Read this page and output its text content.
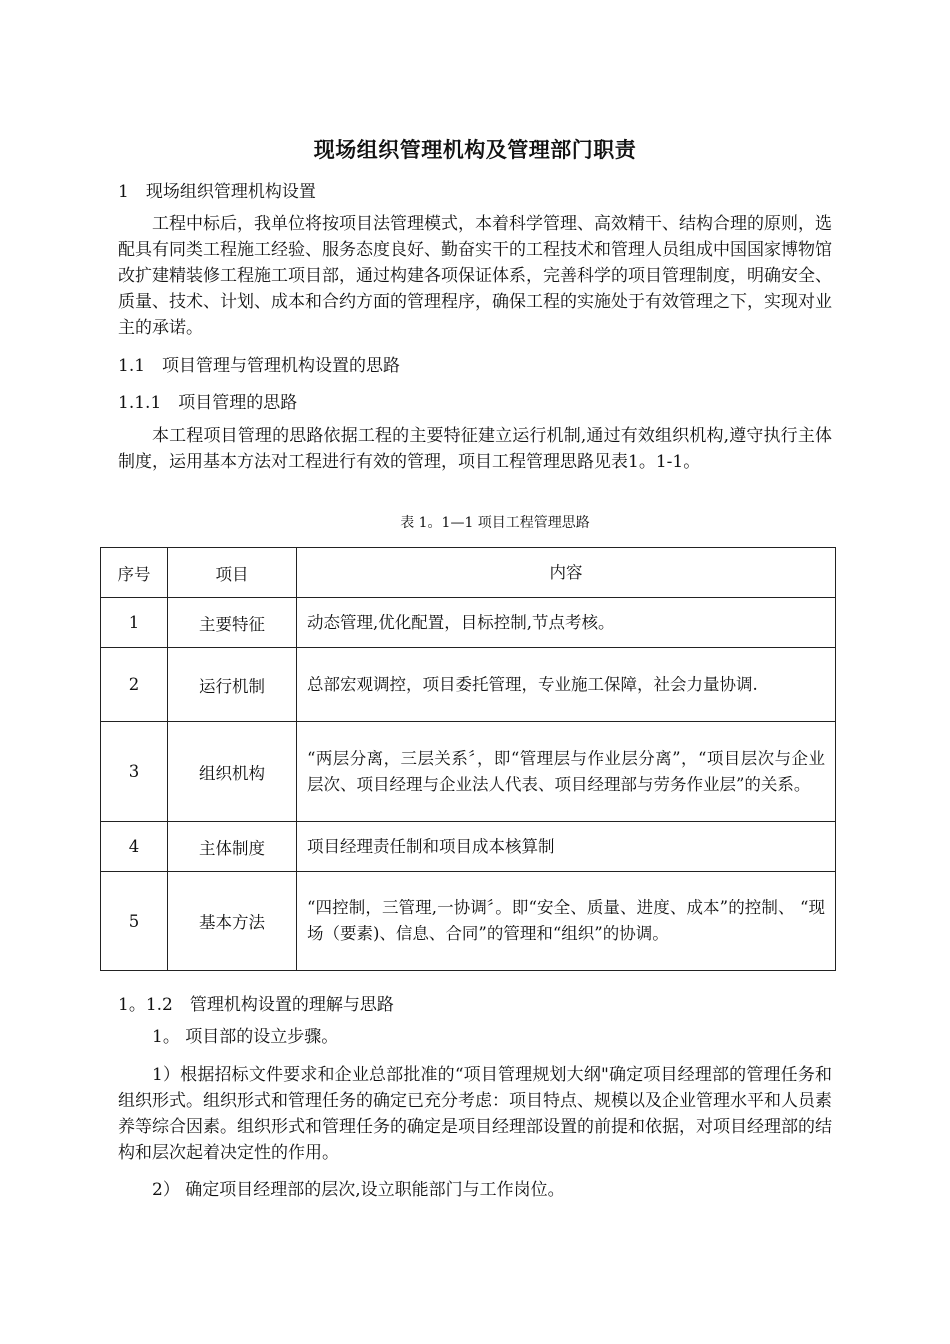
现场组织管理机构及管理部门职责
1　现场组织管理机构设置

工程中标后，我单位将按项目法管理模式，本着科学管理、高效精干、结构合理的原则，选配具有同类工程施工经验、服务态度良好、勤奋实干的工程技术和管理人员组成中国国家博物馆改扩建精装修工程施工项目部，通过构建各项保证体系，完善科学的项目管理制度，明确安全、质量、技术、计划、成本和合约方面的管理程序，确保工程的实施处于有效管理之下，实现对业主的承诺。

1.1　项目管理与管理机构设置的思路
1.1.1　项目管理的思路

本工程项目管理的思路依据工程的主要特征建立运行机制,通过有效组织机构,遵守执行主体制度，运用基本方法对工程进行有效的管理，项目工程管理思路见表1。1-1。

表 1。1—1 项目工程管理思路
序号	项目	内容
1	主要特征	动态管理,优化配置，目标控制,节点考核。
2	运行机制	总部宏观调控，项目委托管理，专业施工保障，社会力量协调.
3	组织机构	“两层分离，三层关系〞，即“管理层与作业层分离”，“项目层次与企业层次、项目经理与企业法人代表、项目经理部与劳务作业层”的关系。
4	主体制度	项目经理责任制和项目成本核算制
5	基本方法	“四控制，三管理,一协调〞。即“安全、质量、进度、成本”的控制、 “现场（要素)、信息、合同”的管理和“组织”的协调。
1。1.2　管理机构设置的理解与思路

1。 项目部的设立步骤。

1）根据招标文件要求和企业总部批准的“项目管理规划大纲"确定项目经理部的管理任务和组织形式。组织形式和管理任务的确定已充分考虑：项目特点、规模以及企业管理水平和人员素养等综合因素。组织形式和管理任务的确定是项目经理部设置的前提和依据，对项目经理部的结构和层次起着决定性的作用。

2） 确定项目经理部的层次,设立职能部门与工作岗位。
